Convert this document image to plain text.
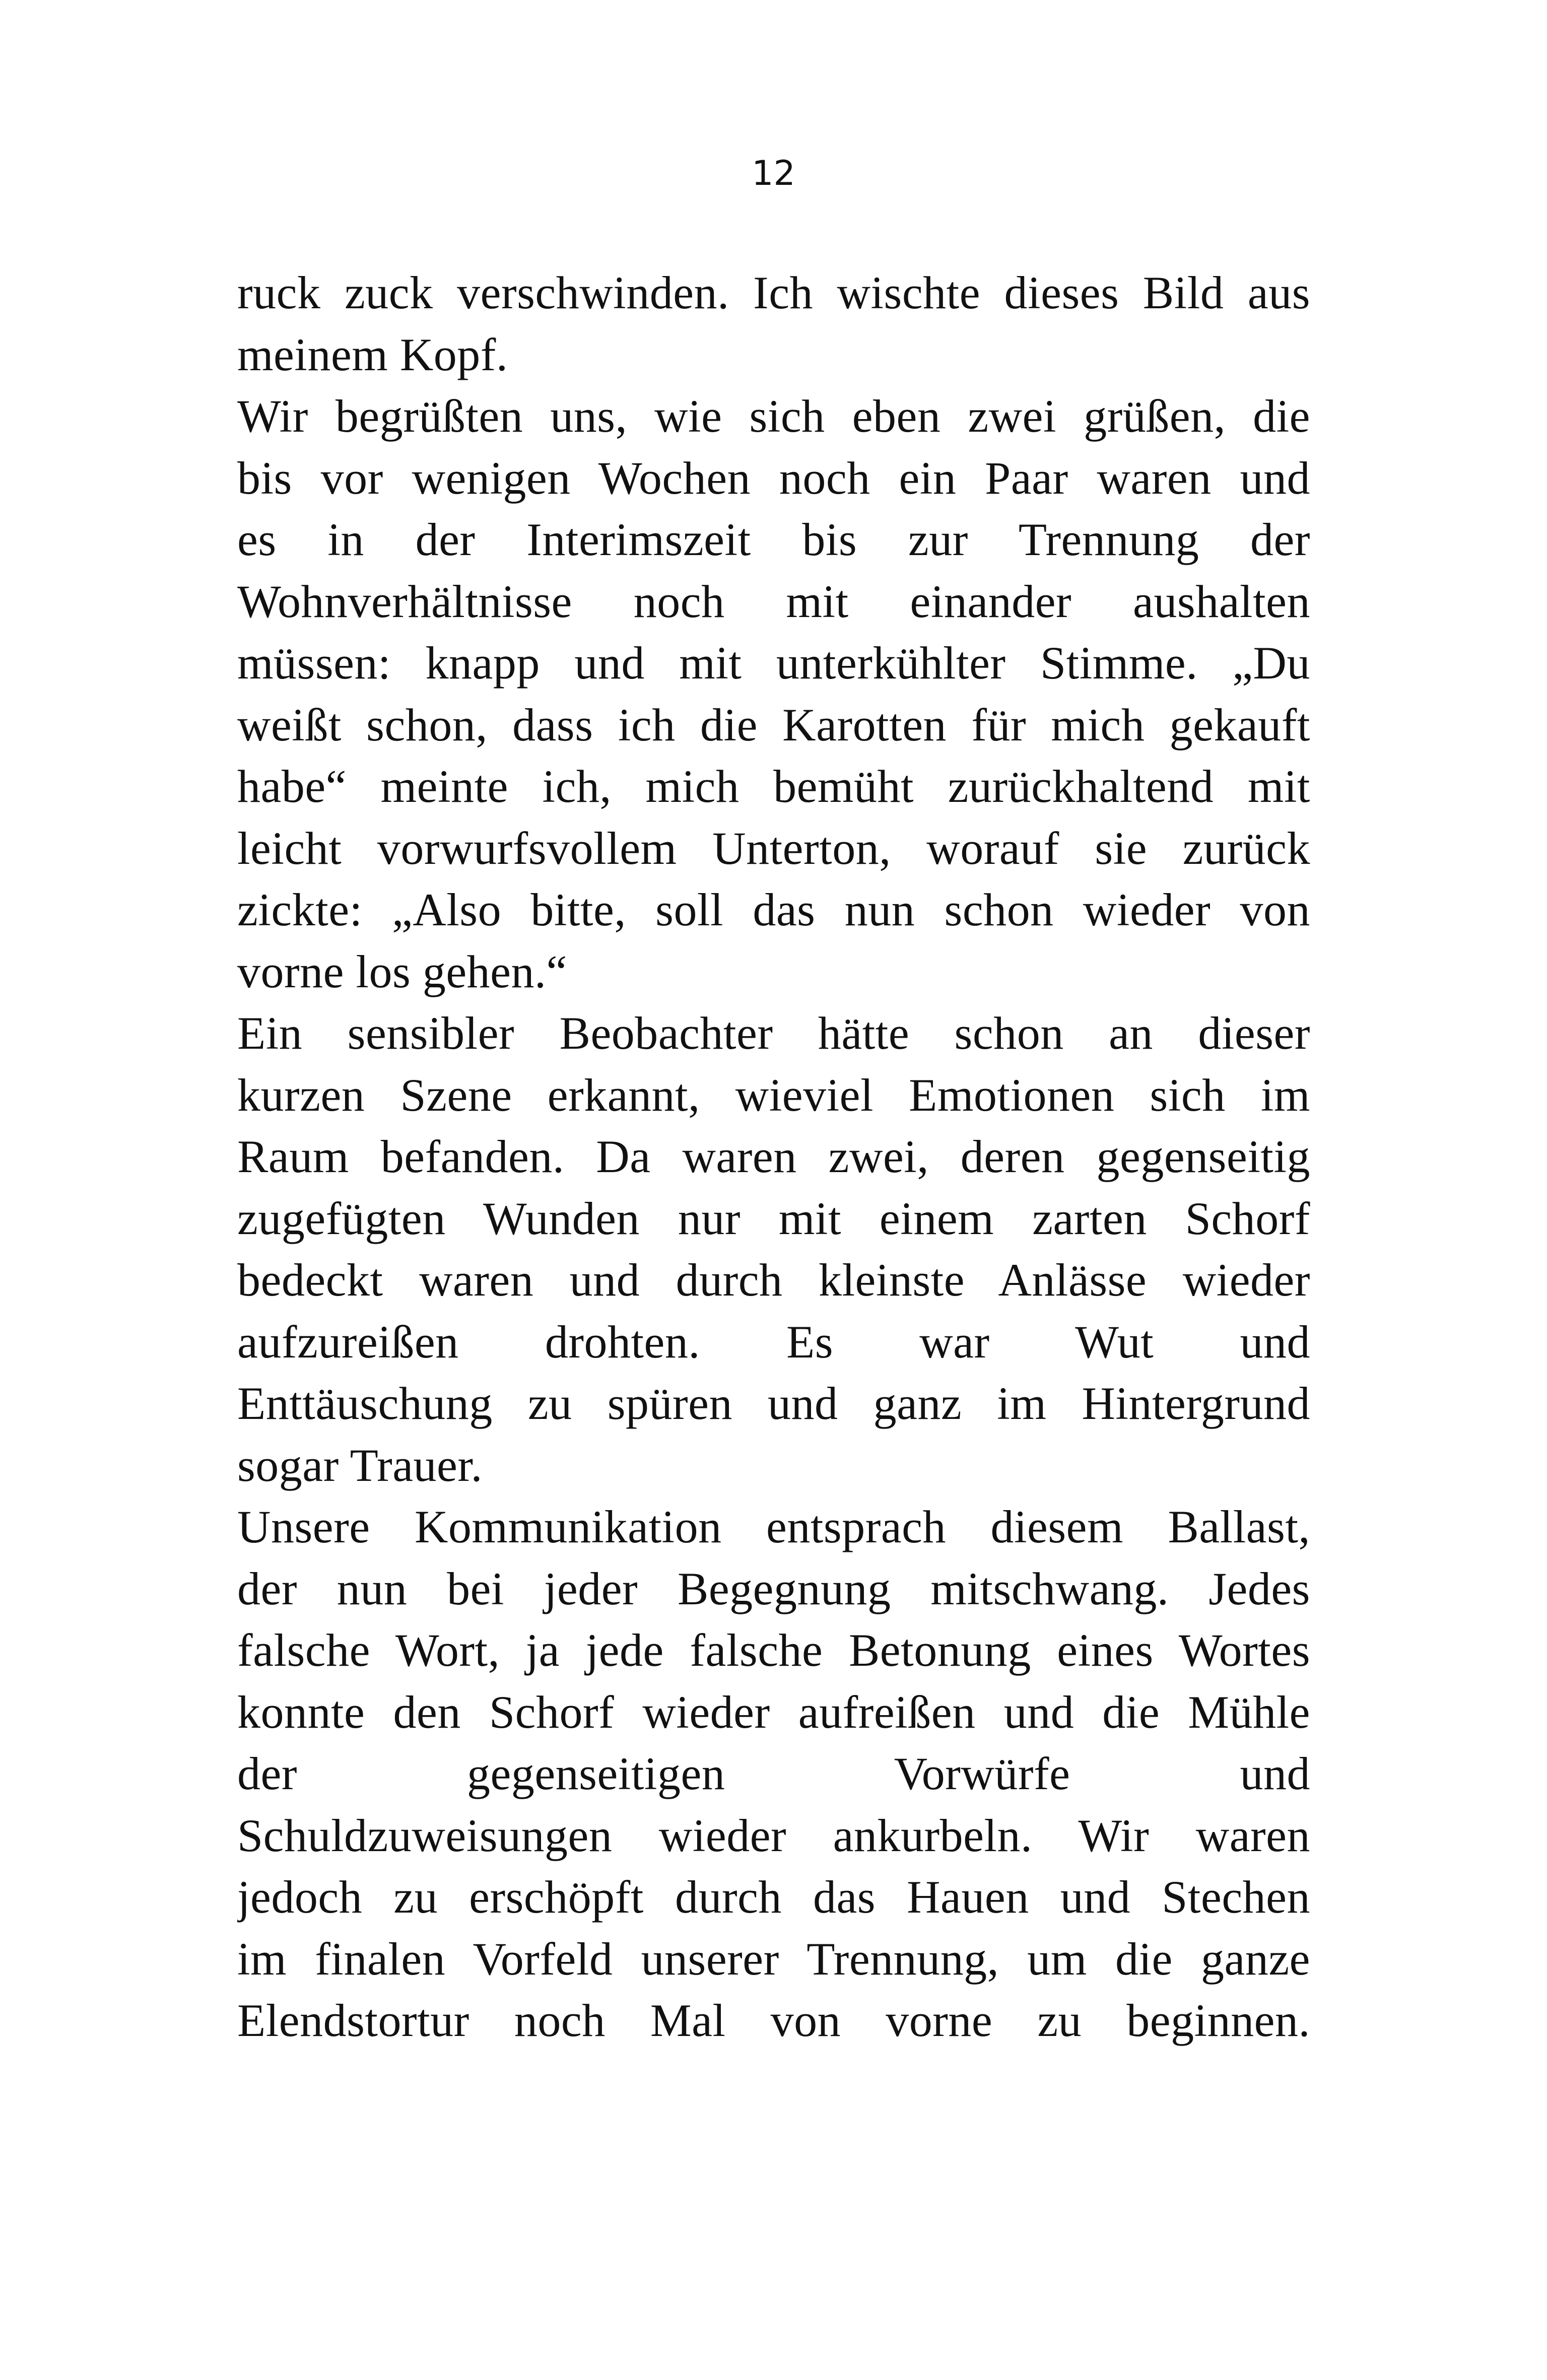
12
ruck zuck verschwinden. Ich wischte dieses Bild aus
meinem Kopf.
Wir begrüßten uns, wie sich eben zwei grüßen, die
bis vor wenigen Wochen noch ein Paar waren und
es in der Interimszeit bis zur Trennung der
Wohnverhältnisse noch mit einander aushalten
müssen: knapp und mit unterkühlter Stimme. „Du
weißt schon, dass ich die Karotten für mich gekauft
habe“ meinte ich, mich bemüht zurückhaltend mit
leicht vorwurfsvollem Unterton, worauf sie zurück
zickte: „Also bitte, soll das nun schon wieder von
vorne los gehen.“
Ein sensibler Beobachter hätte schon an dieser
kurzen Szene erkannt, wieviel Emotionen sich im
Raum befanden. Da waren zwei, deren gegenseitig
zugefügten Wunden nur mit einem zarten Schorf
bedeckt waren und durch kleinste Anlässe wieder
aufzureißen drohten. Es war Wut und
Enttäuschung zu spüren und ganz im Hintergrund
sogar Trauer.
Unsere Kommunikation entsprach diesem Ballast,
der nun bei jeder Begegnung mitschwang. Jedes
falsche Wort, ja jede falsche Betonung eines Wortes
konnte den Schorf wieder aufreißen und die Mühle
der gegenseitigen Vorwürfe und
Schuldzuweisungen wieder ankurbeln. Wir waren
jedoch zu erschöpft durch das Hauen und Stechen
im finalen Vorfeld unserer Trennung, um die ganze
Elendstortur noch Mal von vorne zu beginnen.
